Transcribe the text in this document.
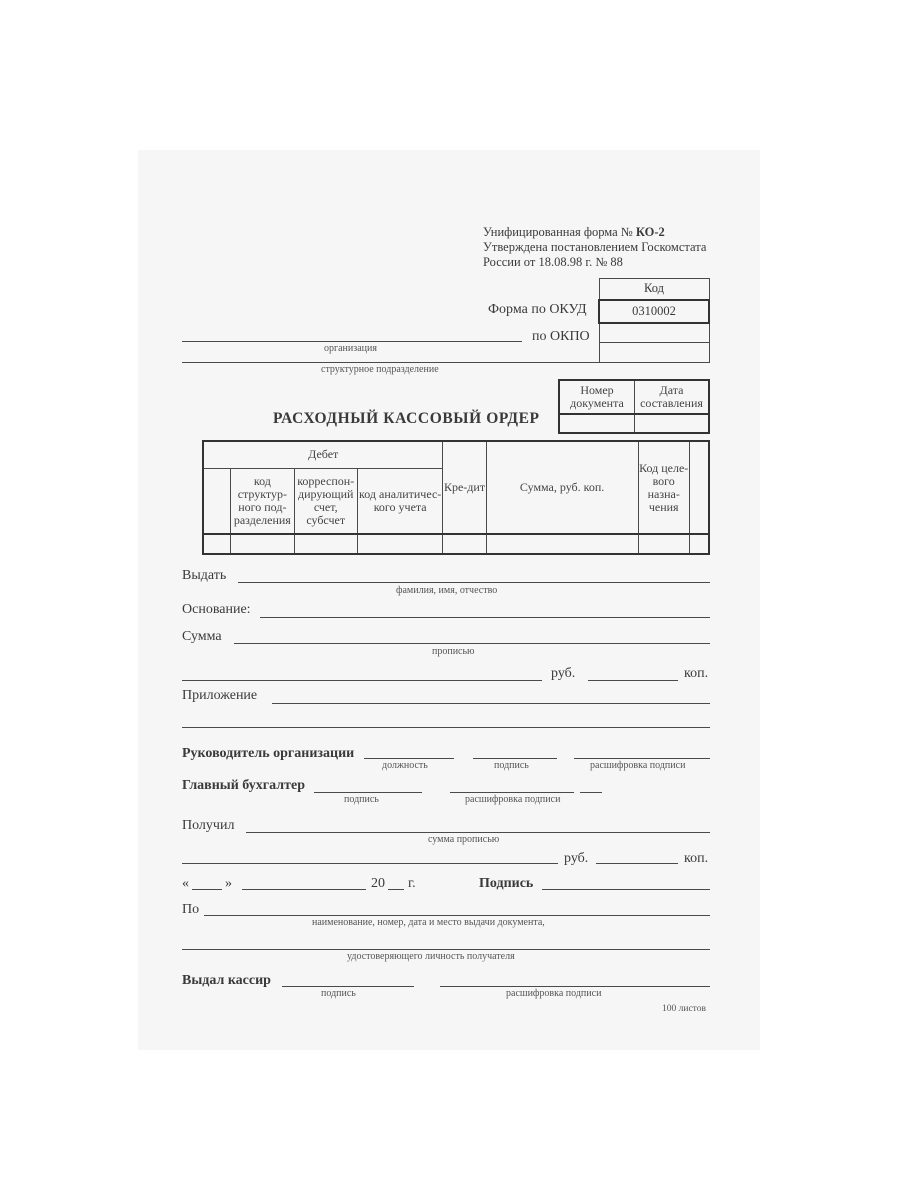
Унифицированная форма № КО-2
Утверждена постановлением Госкомстата
России от 18.08.98 г. № 88
Код
0310002

Форма по ОКУД
по ОКПО
организация
структурное подразделение
Номер документа	Дата составления

РАСХОДНЫЙ КАССОВЫЙ ОРДЕР
Дебет				Кре-дит	Сумма, руб. коп.	Код целе-вого назна-чения	
	код структур-ного под-разделения	корреспон-дирующий счет, субсчет	код аналитичес-кого учета				

Выдать
фамилия, имя, отчество
Основание:
Сумма
прописью
руб.	коп.
Приложение
Руководитель организации
должность	подпись	расшифровка подписи
Главный бухгалтер
подпись	расшифровка подписи
Получил
сумма прописью
руб.	коп.
«	»	20 г.	Подпись
По
наименование, номер, дата и место выдачи документа,
удостоверяющего личность получателя
Выдал кассир
подпись	расшифровка подписи
100 листов
